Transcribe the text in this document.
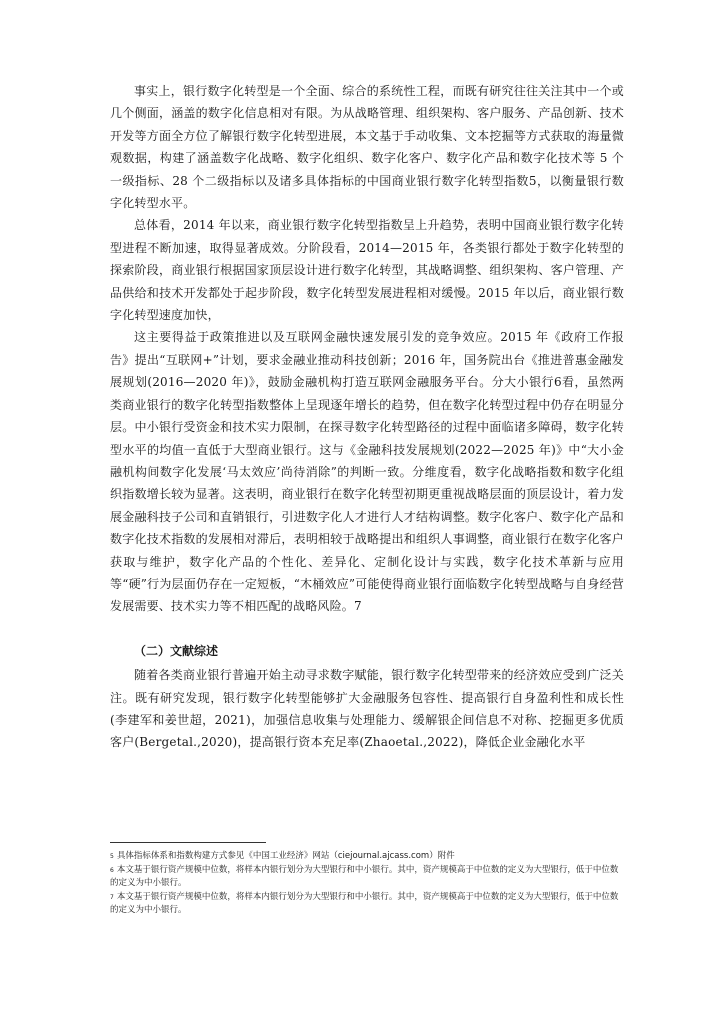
事实上，银行数字化转型是一个全面、综合的系统性工程，而既有研究往往关注其中一个或几个侧面，涵盖的数字化信息相对有限。为从战略管理、组织架构、客户服务、产品创新、技术开发等方面全方位了解银行数字化转型进展，本文基于手动收集、文本挖掘等方式获取的海量微观数据，构建了涵盖数字化战略、数字化组织、数字化客户、数字化产品和数字化技术等 5 个一级指标、28 个二级指标以及诸多具体指标的中国商业银行数字化转型指数5，以衡量银行数字化转型水平。

总体看，2014 年以来，商业银行数字化转型指数呈上升趋势，表明中国商业银行数字化转型进程不断加速，取得显著成效。分阶段看，2014—2015 年，各类银行都处于数字化转型的探索阶段，商业银行根据国家顶层设计进行数字化转型，其战略调整、组织架构、客户管理、产品供给和技术开发都处于起步阶段，数字化转型发展进程相对缓慢。2015 年以后，商业银行数字化转型速度加快，

这主要得益于政策推进以及互联网金融快速发展引发的竞争效应。2015 年《政府工作报告》提出“互联网+”计划，要求金融业推动科技创新；2016 年，国务院出台《推进普惠金融发展规划(2016—2020 年)》，鼓励金融机构打造互联网金融服务平台。分大小银行6看，虽然两类商业银行的数字化转型指数整体上呈现逐年增长的趋势，但在数字化转型过程中仍存在明显分层。中小银行受资金和技术实力限制，在探寻数字化转型路径的过程中面临诸多障碍，数字化转型水平的均值一直低于大型商业银行。这与《金融科技发展规划(2022—2025 年)》中“大小金融机构间数字化发展‘马太效应’尚待消除”的判断一致。分维度看，数字化战略指数和数字化组织指数增长较为显著。这表明，商业银行在数字化转型初期更重视战略层面的顶层设计，着力发展金融科技子公司和直销银行，引进数字化人才进行人才结构调整。数字化客户、数字化产品和数字化技术指数的发展相对滞后，表明相较于战略提出和组织人事调整，商业银行在数字化客户获取与维护，数字化产品的个性化、差异化、定制化设计与实践，数字化技术革新与应用等“硬”行为层面仍存在一定短板，“木桶效应”可能使得商业银行面临数字化转型战略与自身经营发展需要、技术实力等不相匹配的战略风险。7

（二）文献综述

随着各类商业银行普遍开始主动寻求数字赋能，银行数字化转型带来的经济效应受到广泛关注。既有研究发现，银行数字化转型能够扩大金融服务包容性、提高银行自身盈利性和成长性(李建军和姜世超，2021)，加强信息收集与处理能力、缓解银企间信息不对称、挖掘更多优质客户(Bergetal.,2020)，提高银行资本充足率(Zhaoetal.,2022)，降低企业金融化水平

$^5$ 具体指标体系和指数构建方式参见《中国工业经济》网站（ciejournal.ajcass.com）附件

$^6$ 本文基于银行资产规模中位数，将样本内银行划分为大型银行和中小银行。其中，资产规模高于中位数的定义为大型银行，低于中位数的定义为中小银行。

$^7$ 本文基于银行资产规模中位数，将样本内银行划分为大型银行和中小银行。其中，资产规模高于中位数的定义为大型银行，低于中位数的定义为中小银行。
